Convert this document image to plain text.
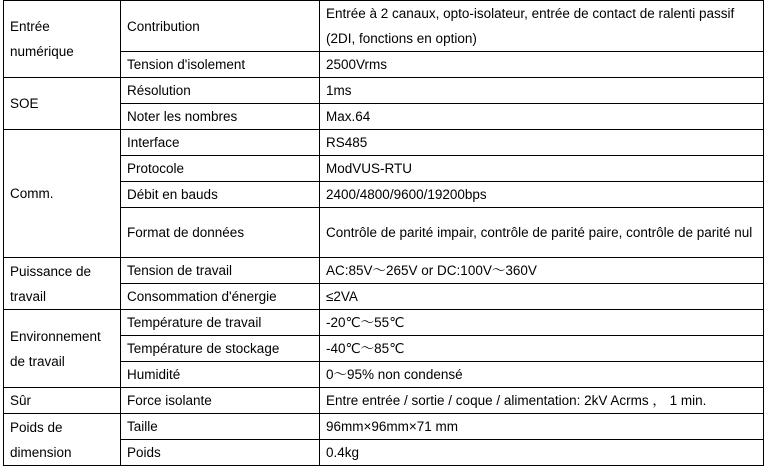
Entrée numérique	Contribution	Entrée à 2 canaux, opto-isolateur, entrée de contact de ralenti passif (2DI, fonctions en option)
	Tension d'isolement	2500Vrms
SOE	Résolution	1ms
	Noter les nombres	Max.64
Comm.	Interface	RS485
	Protocole	ModVUS-RTU
	Débit en bauds	2400/4800/9600/19200bps
	Format de données	Contrôle de parité impair, contrôle de parité paire, contrôle de parité nul
Puissance de travail	Tension de travail	AC:85V～265V or DC:100V～360V
	Consommation d'énergie	≤2VA
Environnement de travail	Température de travail	-20℃～55℃
	Température de stockage	-40℃～85℃
	Humidité	0～95% non condensé
Sûr	Force isolante	Entre entrée / sortie / coque / alimentation: 2kV Acrms ， 1 min.
Poids de dimension	Taille	96mm×96mm×71 mm
	Poids	0.4kg
